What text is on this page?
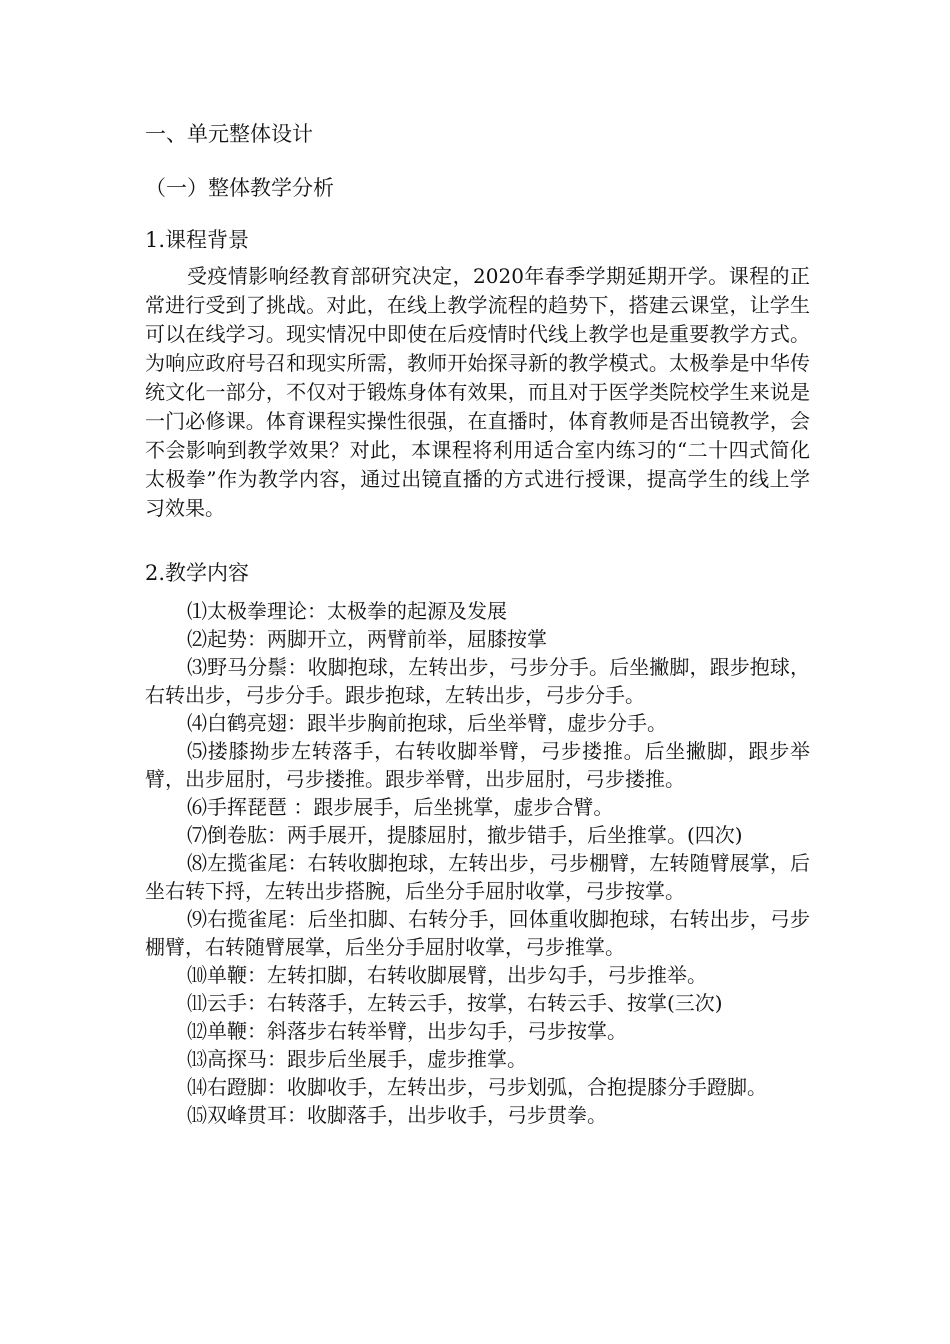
一、单元整体设计
（一）整体教学分析
1.课程背景

受疫情影响经教育部研究决定，2020年春季学期延期开学。课程的正常进行受到了挑战。对此，在线上教学流程的趋势下，搭建云课堂，让学生可以在线学习。现实情况中即使在后疫情时代线上教学也是重要教学方式。为响应政府号召和现实所需，教师开始探寻新的教学模式。太极拳是中华传统文化一部分，不仅对于锻炼身体有效果，而且对于医学类院校学生来说是一门必修课。体育课程实操性很强，在直播时，体育教师是否出镜教学，会不会影响到教学效果？对此，本课程将利用适合室内练习的“二十四式简化太极拳”作为教学内容，通过出镜直播的方式进行授课，提高学生的线上学习效果。

2.教学内容

⑴太极拳理论：太极拳的起源及发展

⑵起势：两脚开立，两臂前举，屈膝按掌

⑶野马分鬃：收脚抱球，左转出步，弓步分手。后坐撇脚，跟步抱球，右转出步，弓步分手。跟步抱球，左转出步，弓步分手。

⑷白鹤亮翅：跟半步胸前抱球，后坐举臂，虚步分手。

⑸搂膝拗步左转落手，右转收脚举臂，弓步搂推。后坐撇脚，跟步举臂，出步屈肘，弓步搂推。跟步举臂，出步屈肘，弓步搂推。

⑹手挥琵琶 ：跟步展手，后坐挑掌，虚步合臂。

⑺倒卷肱：两手展开，提膝屈肘，撤步错手，后坐推掌。(四次)

⑻左揽雀尾：右转收脚抱球，左转出步，弓步棚臂，左转随臂展掌，后坐右转下捋，左转出步搭腕，后坐分手屈肘收掌，弓步按掌。

⑼右揽雀尾：后坐扣脚、右转分手，回体重收脚抱球，右转出步，弓步棚臂，右转随臂展掌，后坐分手屈肘收掌，弓步推掌。

⑽单鞭：左转扣脚，右转收脚展臂，出步勾手，弓步推举。

⑾云手：右转落手，左转云手，按掌，右转云手、按掌(三次)

⑿单鞭：斜落步右转举臂，出步勾手，弓步按掌。

⒀高探马：跟步后坐展手，虚步推掌。

⒁右蹬脚：收脚收手，左转出步，弓步划弧，合抱提膝分手蹬脚。

⒂双峰贯耳：收脚落手，出步收手，弓步贯拳。
